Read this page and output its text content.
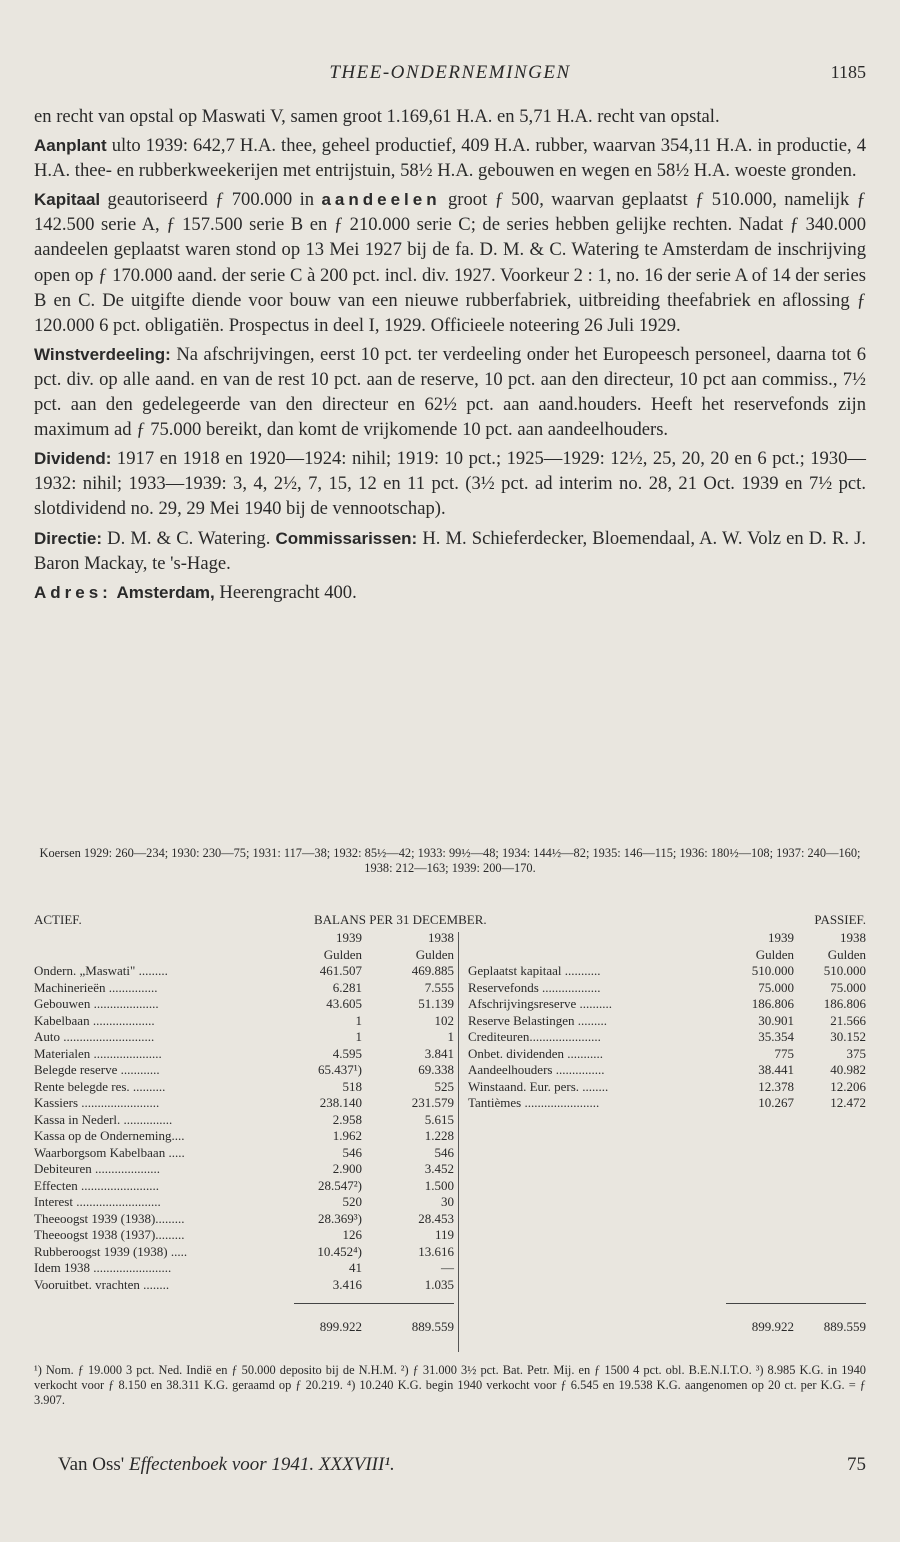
THEE-ONDERNEMINGEN	1185

en recht van opstal op Maswati V, samen groot 1.169,61 H.A. en 5,71 H.A. recht van opstal.

Aanplant ulto 1939: 642,7 H.A. thee, geheel productief, 409 H.A. rubber, waarvan 354,11 H.A. in productie, 4 H.A. thee- en rubberkweekerijen met entrijstuin, 58½ H.A. gebouwen en wegen en 58½ H.A. woeste gronden.

Kapitaal geautoriseerd ƒ 700.000 in aandeelen groot ƒ 500, waarvan geplaatst ƒ 510.000, namelijk ƒ 142.500 serie A, ƒ 157.500 serie B en ƒ 210.000 serie C; de series hebben gelijke rechten. Nadat ƒ 340.000 aandeelen geplaatst waren stond op 13 Mei 1927 bij de fa. D. M. & C. Watering te Amsterdam de inschrijving open op ƒ 170.000 aand. der serie C à 200 pct. incl. div. 1927. Voorkeur 2 : 1, no. 16 der serie A of 14 der series B en C. De uitgifte diende voor bouw van een nieuwe rubberfabriek, uitbreiding theefabriek en aflossing ƒ 120.000 6 pct. obligatiën. Prospectus in deel I, 1929. Officieele noteering 26 Juli 1929.

Winstverdeeling: Na afschrijvingen, eerst 10 pct. ter verdeeling onder het Europeesch personeel, daarna tot 6 pct. div. op alle aand. en van de rest 10 pct. aan de reserve, 10 pct. aan den directeur, 10 pct aan commiss., 7½ pct. aan den gedelegeerde van den directeur en 62½ pct. aan aand.houders. Heeft het reservefonds zijn maximum ad ƒ 75.000 bereikt, dan komt de vrijkomende 10 pct. aan aandeelhouders.

Dividend: 1917 en 1918 en 1920—1924: nihil; 1919: 10 pct.; 1925—1929: 12½, 25, 20, 20 en 6 pct.; 1930—1932: nihil; 1933—1939: 3, 4, 2½, 7, 15, 12 en 11 pct. (3½ pct. ad interim no. 28, 21 Oct. 1939 en 7½ pct. slotdividend no. 29, 29 Mei 1940 bij de vennootschap).

Directie: D. M. & C. Watering. Commissarissen: H. M. Schieferdecker, Bloemendaal, A. W. Volz en D. R. J. Baron Mackay, te 's-Hage.

Adres: Amsterdam, Heerengracht 400.

Koersen 1929: 260—234; 1930: 230—75; 1931: 117—38; 1932: 85½—42; 1933: 99½—48; 1934: 144½—82; 1935: 146—115; 1936: 180½—108; 1937: 240—160; 1938: 212—163; 1939: 200—170.
ACTIEF.	BALANS PER 31 DECEMBER.	PASSIEF.
1939	1938
Gulden	Gulden
Ondern. „Maswati" .........	461.507	469.885
Machinerieën ...............	6.281	7.555
Gebouwen ....................	43.605	51.139
Kabelbaan ...................	1	102
Auto ............................	1	1
Materialen .....................	4.595	3.841
Belegde reserve ............	65.437¹)	69.338
Rente belegde res. ..........	518	525
Kassiers ........................	238.140	231.579
Kassa in Nederl. ...............	2.958	5.615
Kassa op de Onderneming....	1.962	1.228
Waarborgsom Kabelbaan .....	546	546
Debiteuren ....................	2.900	3.452
Effecten ........................	28.547²)	1.500
Interest ..........................	520	30
Theeoogst 1939 (1938).........	28.369³)	28.453
Theeoogst 1938 (1937).........	126	119
Rubberoogst 1939 (1938) .....	10.452⁴)	13.616
Idem 1938 ........................	41	—
Vooruitbet. vrachten ........	3.416	1.035
899.922	889.559
1939	1938
Gulden	Gulden
Geplaatst kapitaal ...........	510.000	510.000
Reservefonds ..................	75.000	75.000
Afschrijvingsreserve ..........	186.806	186.806
Reserve Belastingen .........	30.901	21.566
Crediteuren......................	35.354	30.152
Onbet. dividenden ...........	775	375
Aandeelhouders ...............	38.441	40.982
Winstaand. Eur. pers. ........	12.378	12.206
Tantièmes .......................	10.267	12.472
899.922	889.559
¹) Nom. ƒ 19.000 3 pct. Ned. Indië en ƒ 50.000 deposito bij de N.H.M. ²) ƒ 31.000 3½ pct. Bat. Petr. Mij. en ƒ 1500 4 pct. obl. B.E.N.I.T.O. ³) 8.985 K.G. in 1940 verkocht voor ƒ 8.150 en 38.311 K.G. geraamd op ƒ 20.219. ⁴) 10.240 K.G. begin 1940 verkocht voor ƒ 6.545 en 19.538 K.G. aangenomen op 20 ct. per K.G. = ƒ 3.907.
Van Oss' Effectenboek voor 1941. XXXVIII¹.	75
